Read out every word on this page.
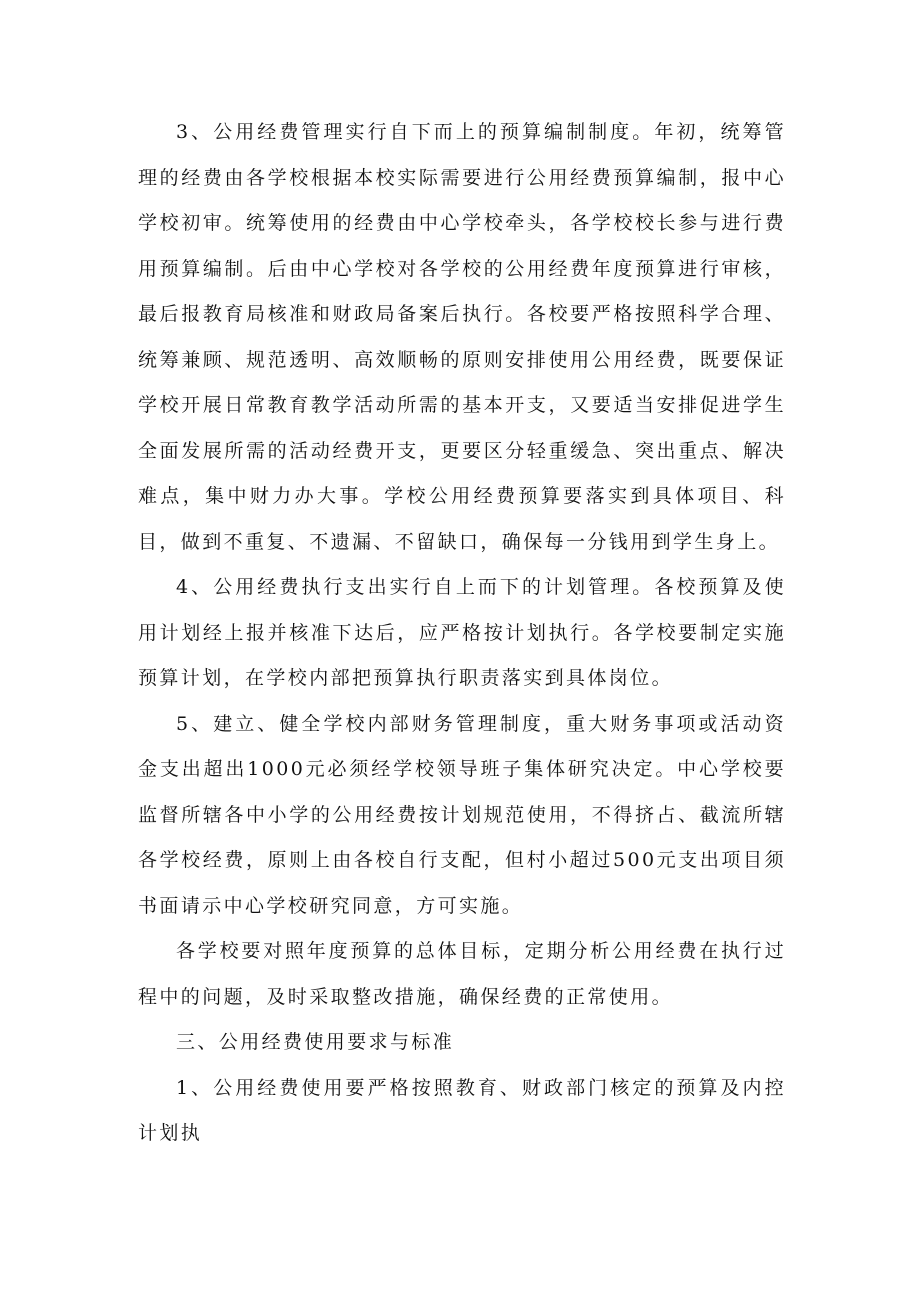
3、公用经费管理实行自下而上的预算编制制度。年初，统筹管理的经费由各学校根据本校实际需要进行公用经费预算编制，报中心学校初审。统筹使用的经费由中心学校牵头，各学校校长参与进行费用预算编制。后由中心学校对各学校的公用经费年度预算进行审核，最后报教育局核准和财政局备案后执行。各校要严格按照科学合理、统筹兼顾、规范透明、高效顺畅的原则安排使用公用经费，既要保证学校开展日常教育教学活动所需的基本开支，又要适当安排促进学生全面发展所需的活动经费开支，更要区分轻重缓急、突出重点、解决难点，集中财力办大事。学校公用经费预算要落实到具体项目、科目，做到不重复、不遗漏、不留缺口，确保每一分钱用到学生身上。

4、公用经费执行支出实行自上而下的计划管理。各校预算及使用计划经上报并核准下达后，应严格按计划执行。各学校要制定实施预算计划，在学校内部把预算执行职责落实到具体岗位。

5、建立、健全学校内部财务管理制度，重大财务事项或活动资金支出超出1000元必须经学校领导班子集体研究决定。中心学校要监督所辖各中小学的公用经费按计划规范使用，不得挤占、截流所辖各学校经费，原则上由各校自行支配，但村小超过500元支出项目须书面请示中心学校研究同意，方可实施。

各学校要对照年度预算的总体目标，定期分析公用经费在执行过程中的问题，及时采取整改措施，确保经费的正常使用。

三、公用经费使用要求与标准

1、公用经费使用要严格按照教育、财政部门核定的预算及内控计划执
